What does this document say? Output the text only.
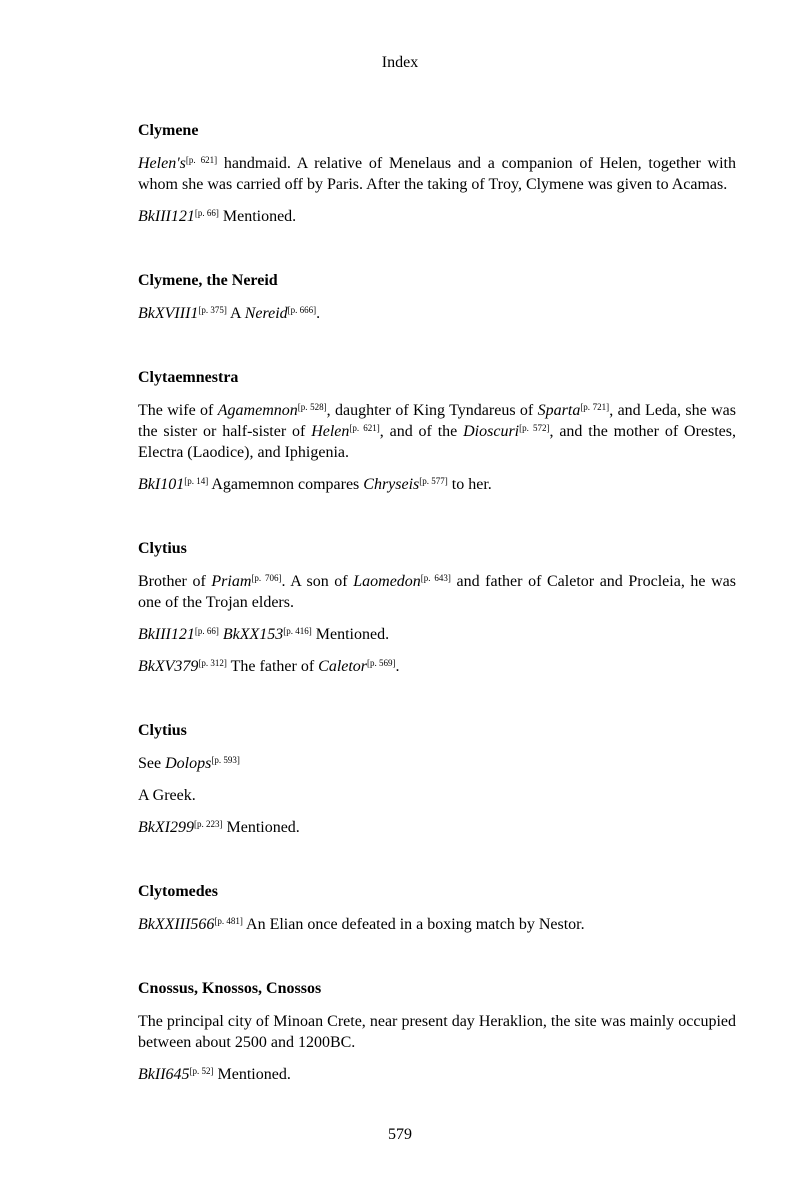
Index
Clymene

Helen's[p. 621] handmaid. A relative of Menelaus and a companion of Helen, together with whom she was carried off by Paris. After the taking of Troy, Clymene was given to Acamas.

BkIII121[p. 66] Mentioned.

Clymene, the Nereid

BkXVIII1[p. 375] A Nereid[p. 666].

Clytaemnestra

The wife of Agamemnon[p. 528], daughter of King Tyndareus of Sparta[p. 721], and Leda, she was the sister or half-sister of Helen[p. 621], and of the Dioscuri[p. 572], and the mother of Orestes, Electra (Laodice), and Iphigenia.

BkI101[p. 14] Agamemnon compares Chryseis[p. 577] to her.

Clytius

Brother of Priam[p. 706]. A son of Laomedon[p. 643] and father of Caletor and Procleia, he was one of the Trojan elders.

BkIII121[p. 66] BkXX153[p. 416] Mentioned.

BkXV379[p. 312] The father of Caletor[p. 569].

Clytius

See Dolops[p. 593]

A Greek.

BkXI299[p. 223] Mentioned.

Clytomedes

BkXXIII566[p. 481] An Elian once defeated in a boxing match by Nestor.

Cnossus, Knossos, Cnossos

The principal city of Minoan Crete, near present day Heraklion, the site was mainly occupied between about 2500 and 1200BC.

BkII645[p. 52] Mentioned.

579
